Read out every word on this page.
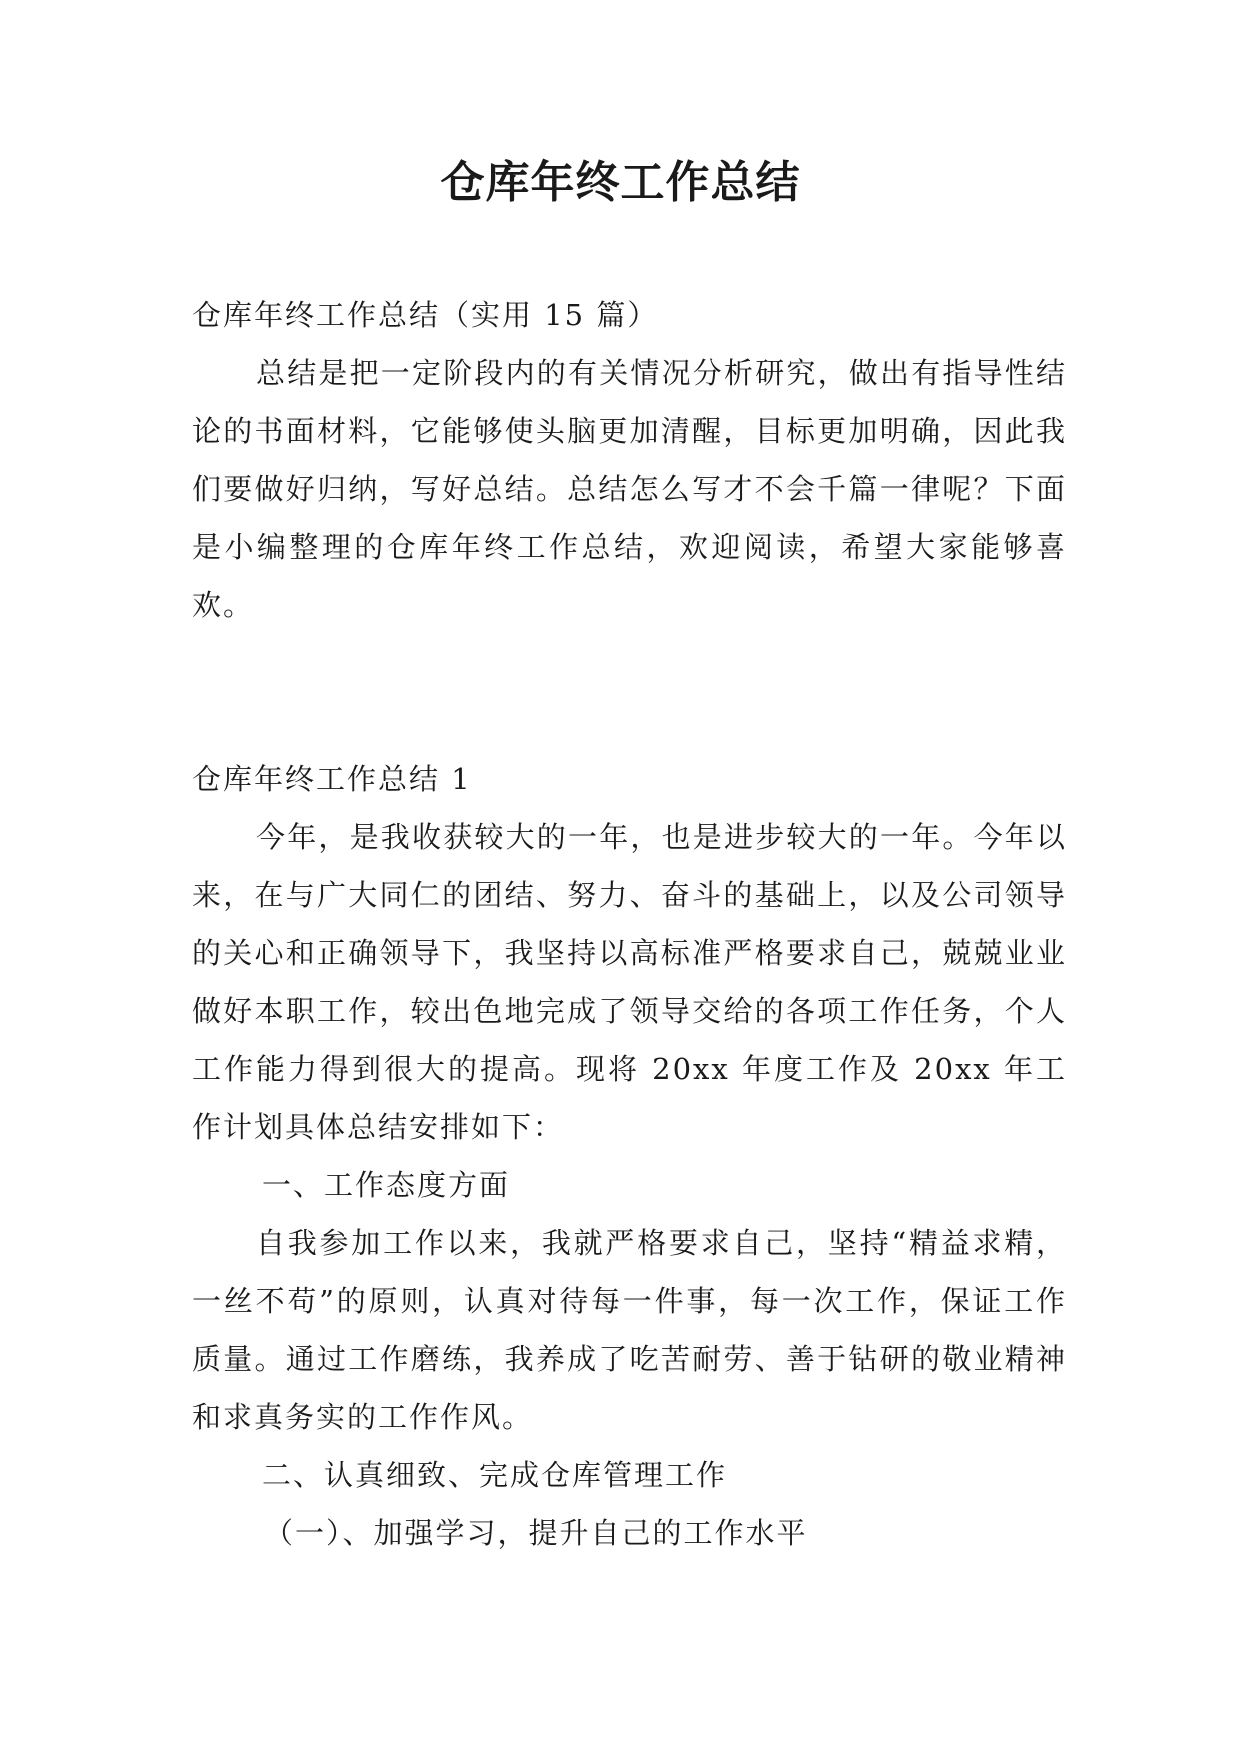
仓库年终工作总结

仓库年终工作总结（实用 15 篇）

总结是把一定阶段内的有关情况分析研究，做出有指导性结论的书面材料，它能够使头脑更加清醒，目标更加明确，因此我们要做好归纳，写好总结。总结怎么写才不会千篇一律呢？下面是小编整理的仓库年终工作总结，欢迎阅读，希望大家能够喜欢。

仓库年终工作总结 1

今年，是我收获较大的一年，也是进步较大的一年。今年以来，在与广大同仁的团结、努力、奋斗的基础上，以及公司领导的关心和正确领导下，我坚持以高标准严格要求自己，兢兢业业做好本职工作，较出色地完成了领导交给的各项工作任务，个人工作能力得到很大的提高。现将 20xx 年度工作及 20xx 年工作计划具体总结安排如下：

一、工作态度方面

自我参加工作以来，我就严格要求自己，坚持“精益求精，一丝不苟”的原则，认真对待每一件事，每一次工作，保证工作质量。通过工作磨练，我养成了吃苦耐劳、善于钻研的敬业精神和求真务实的工作作风。

二、认真细致、完成仓库管理工作

（一）、加强学习，提升自己的工作水平
